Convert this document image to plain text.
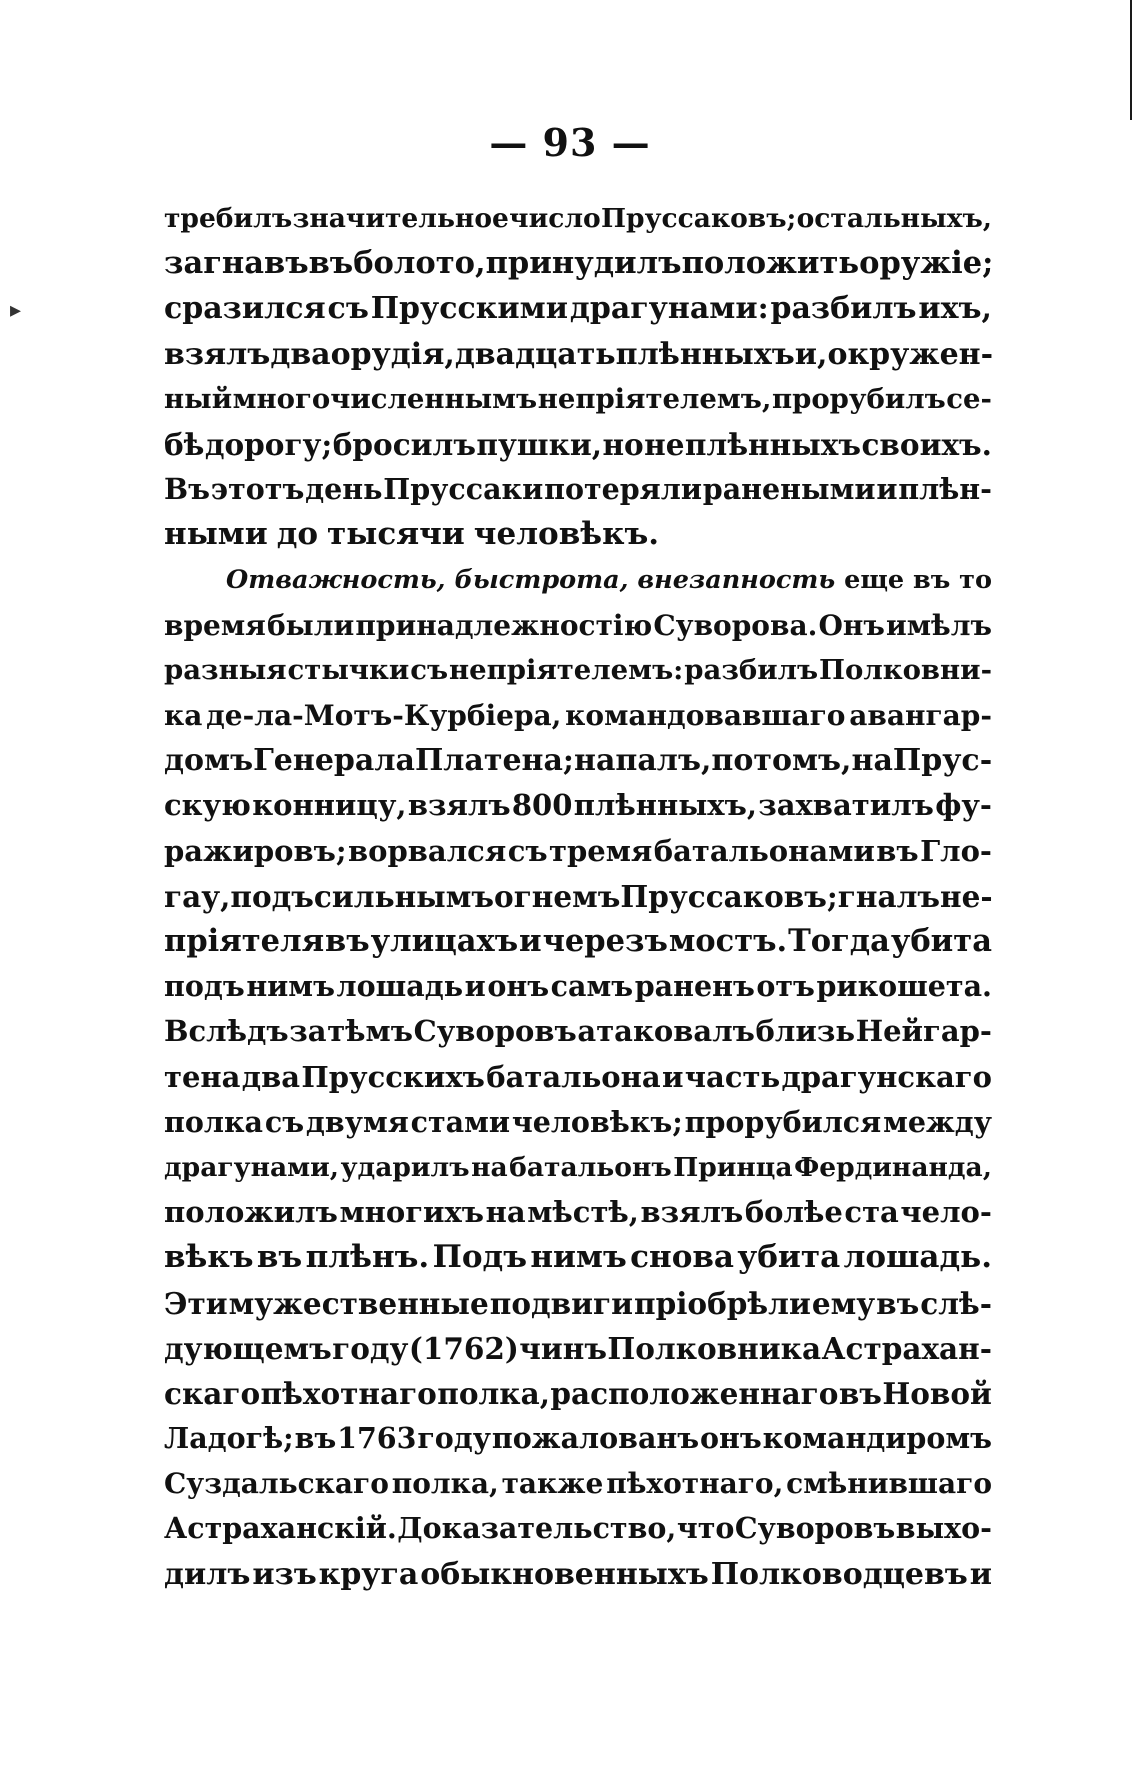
▸
— 93 —
требилъ значительное число Пруссаковъ; остальныхъ,
загнавъ въ болото, принудилъ положить оружіе;
сразился съ Прусскими драгунами: разбилъ ихъ,
взялъ два орудія, двадцать плѣнныхъ и, окружен-
ный многочисленнымъ непріятелемъ, прорубилъ се-
бѣ дорогу; бросилъ пушки, но не плѣнныхъ своихъ.
Въ этотъ день Пруссаки потеряли ранеными и плѣн-
ными до тысячи человѣкъ.
Отважность, быстрота, внезапность еще въ то
время были принадлежностію Суворова. Онъ имѣлъ
разныя стычки съ непріятелемъ: разбилъ Полковни-
ка де-ла-Мотъ-Курбіера, командовавшаго авангар-
домъ Генерала Платена; напалъ, потомъ, на Прус-
скую конницу, взялъ 800 плѣнныхъ, захватилъ фу-
ражировъ; ворвался съ тремя батальонами въ Гло-
гау, подъ сильнымъ огнемъ Пруссаковъ; гналъ не-
пріятеля въ улицахъ и черезъ мостъ. Тогда убита
подъ нимъ лошадь и онъ самъ раненъ отъ рикошета.
Вслѣдъ за тѣмъ Суворовъ атаковалъ близь Нейгар-
тена два Прусскихъ батальона и часть драгунскаго
полка съ двумя стами человѣкъ; прорубился между
драгунами, ударилъ на батальонъ Принца Фердинанда,
положилъ многихъ на мѣстѣ, взялъ болѣе ста чело-
вѣкъ въ плѣнъ. Подъ нимъ снова убита лошадь.
Эти мужественные подвиги пріобрѣли ему въ слѣ-
дующемъ году (1762) чинъ Полковника Астрахан-
скаго пѣхотнаго полка, расположеннаго въ Новой
Ладогѣ; въ 1763 году пожалованъ онъ командиромъ
Суздальскаго полка, также пѣхотнаго, смѣнившаго
Астраханскій. Доказательство, что Суворовъ выхо-
дилъ изъ круга обыкновенныхъ Полководцевъ и
